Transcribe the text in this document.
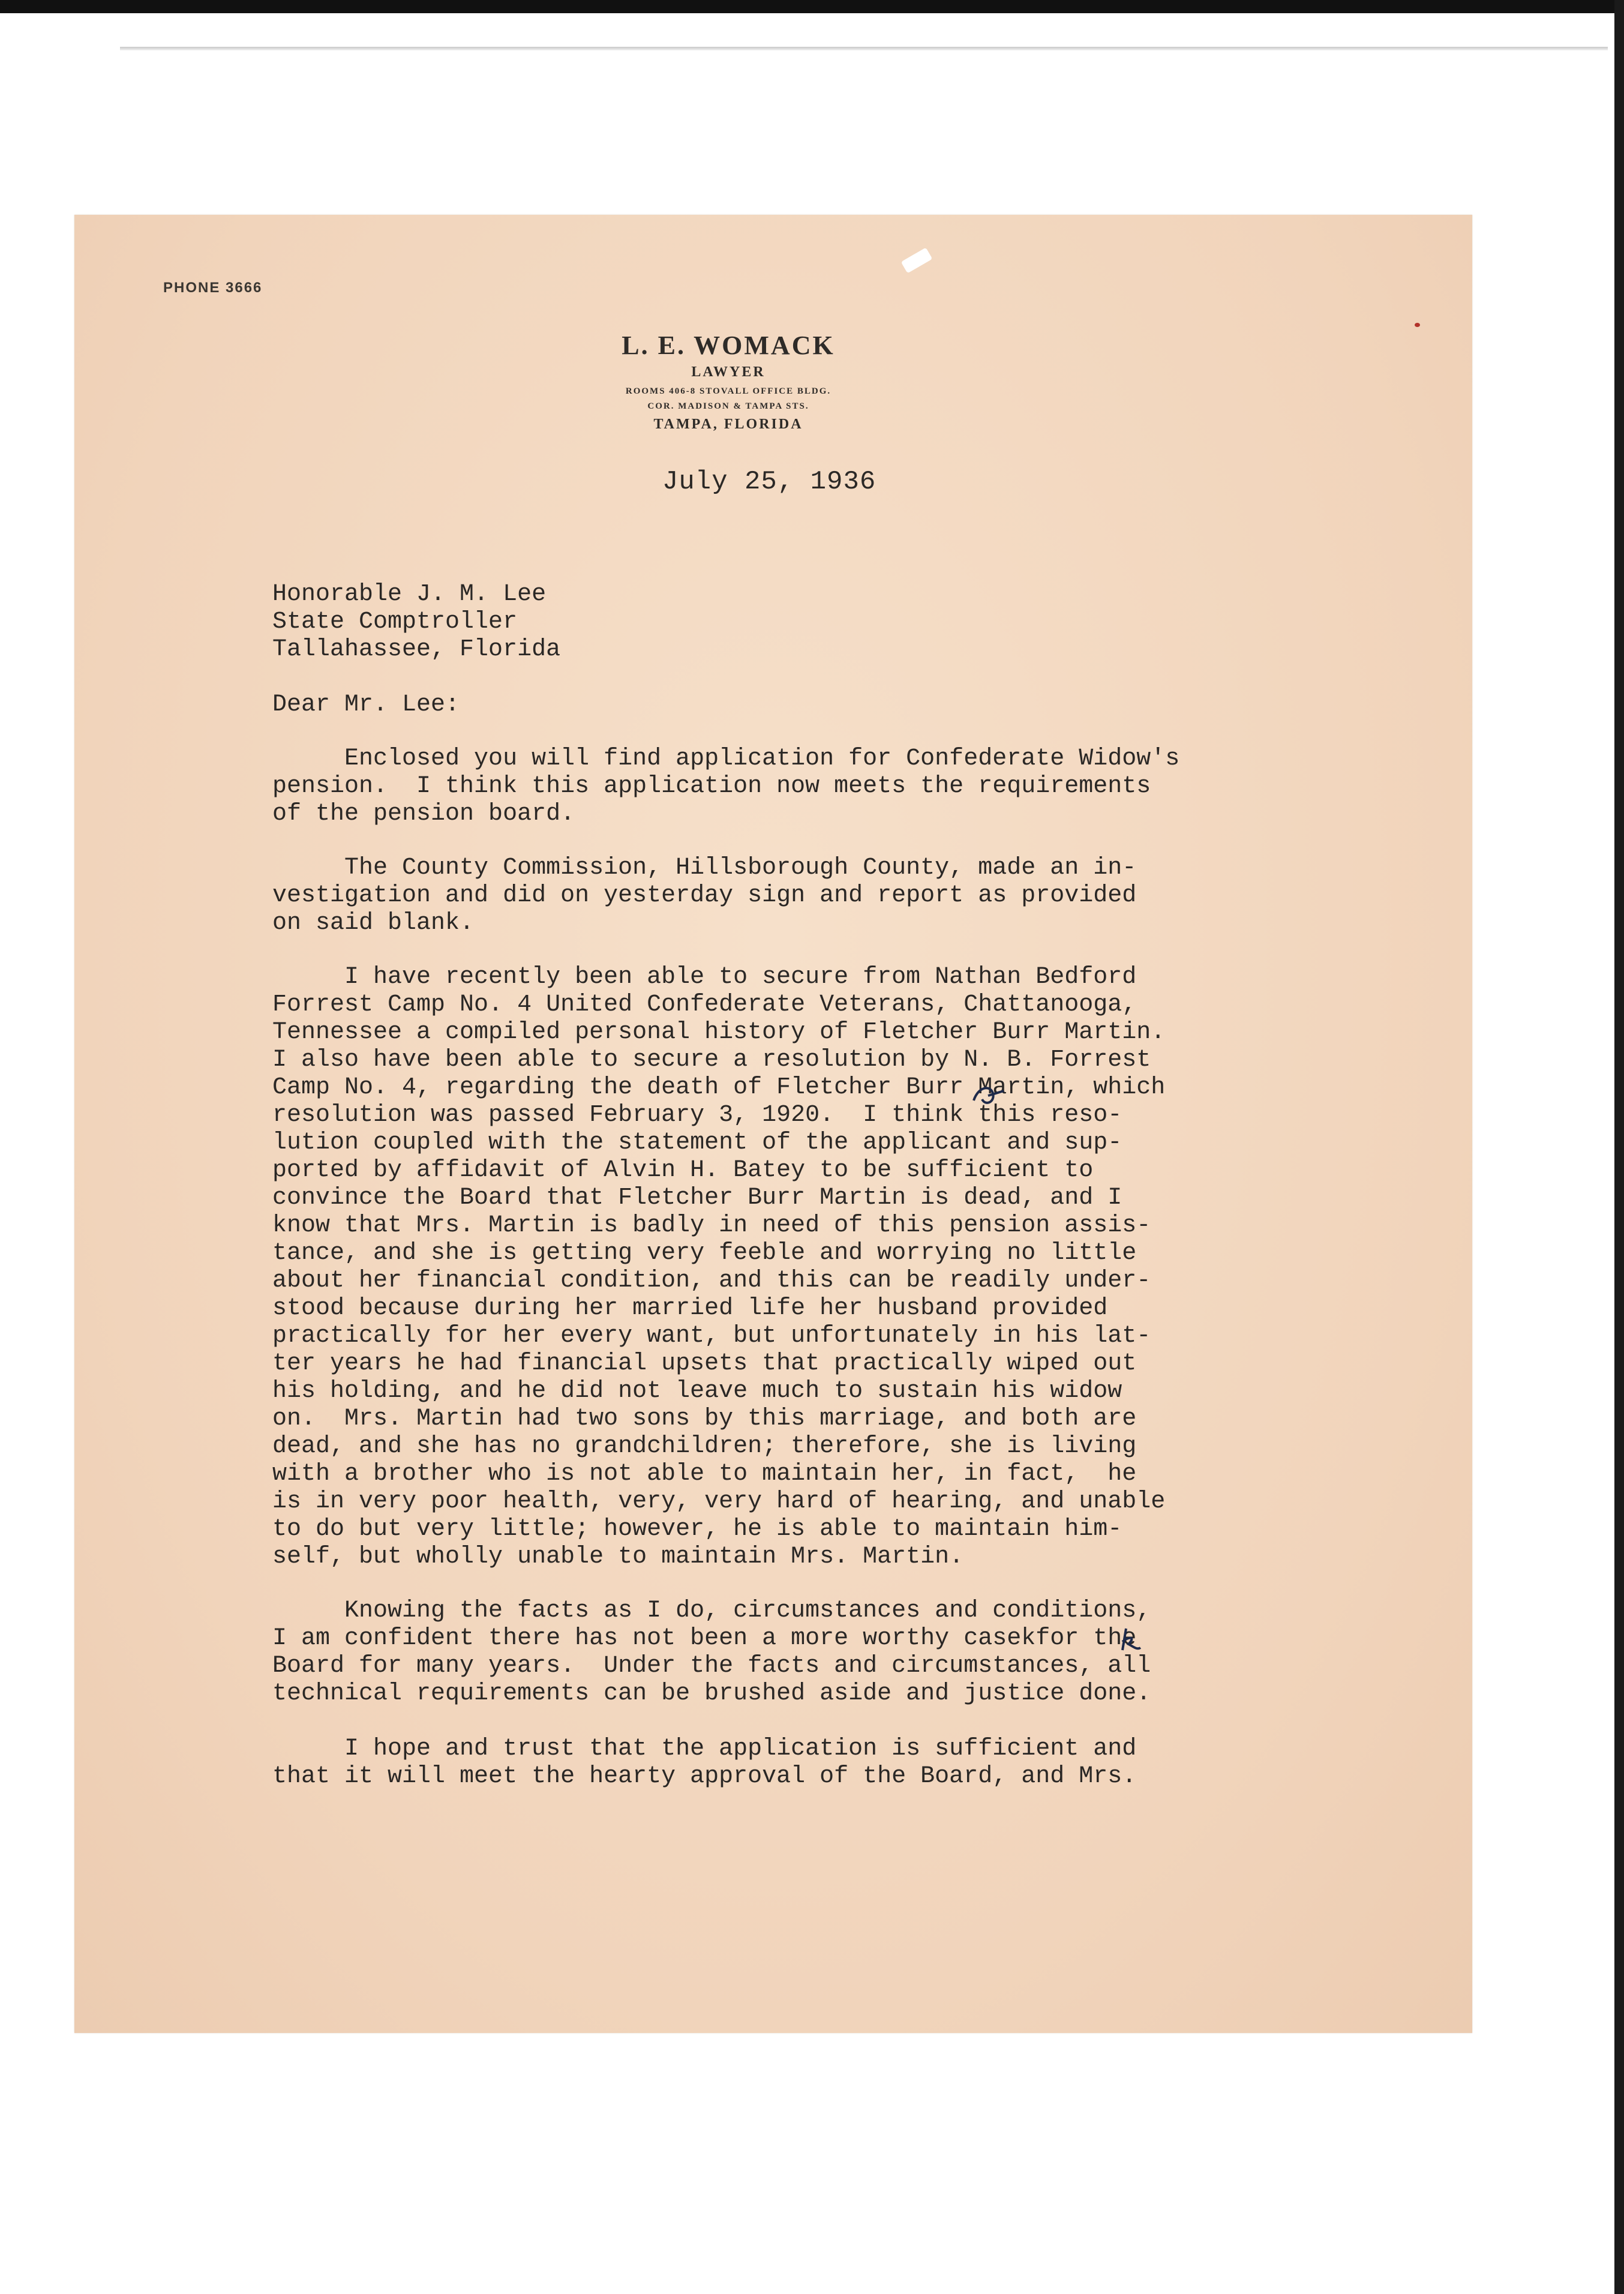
PHONE 3666
L. E. WOMACK
LAWYER
ROOMS 406-8 STOVALL OFFICE BLDG.
COR. MADISON & TAMPA STS.
TAMPA, FLORIDA
July 25, 1936
Honorable J. M. Lee
State Comptroller
Tallahassee, Florida
Dear Mr. Lee:
Enclosed you will find application for Confederate Widow's
pension.  I think this application now meets the requirements
of the pension board.
The County Commission, Hillsborough County, made an in-
vestigation and did on yesterday sign and report as provided
on said blank.
I have recently been able to secure from Nathan Bedford
Forrest Camp No. 4 United Confederate Veterans, Chattanooga,
Tennessee a compiled personal history of Fletcher Burr Martin.
I also have been able to secure a resolution by N. B. Forrest
Camp No. 4, regarding the death of Fletcher Burr Martin, which
resolution was passed February 3, 1920.  I think this reso-
lution coupled with the statement of the applicant and sup-
ported by affidavit of Alvin H. Batey to be sufficient to
convince the Board that Fletcher Burr Martin is dead, and I
know that Mrs. Martin is badly in need of this pension assis-
tance, and she is getting very feeble and worrying no little
about her financial condition, and this can be readily under-
stood because during her married life her husband provided
practically for her every want, but unfortunately in his lat-
ter years he had financial upsets that practically wiped out
his holding, and he did not leave much to sustain his widow
on.  Mrs. Martin had two sons by this marriage, and both are
dead, and she has no grandchildren; therefore, she is living
with a brother who is not able to maintain her, in fact,  he
is in very poor health, very, very hard of hearing, and unable
to do but very little; however, he is able to maintain him-
self, but wholly unable to maintain Mrs. Martin.
Knowing the facts as I do, circumstances and conditions,
I am confident there has not been a more worthy casekfor the
Board for many years.  Under the facts and circumstances, all
technical requirements can be brushed aside and justice done.
I hope and trust that the application is sufficient and
that it will meet the hearty approval of the Board, and Mrs.
